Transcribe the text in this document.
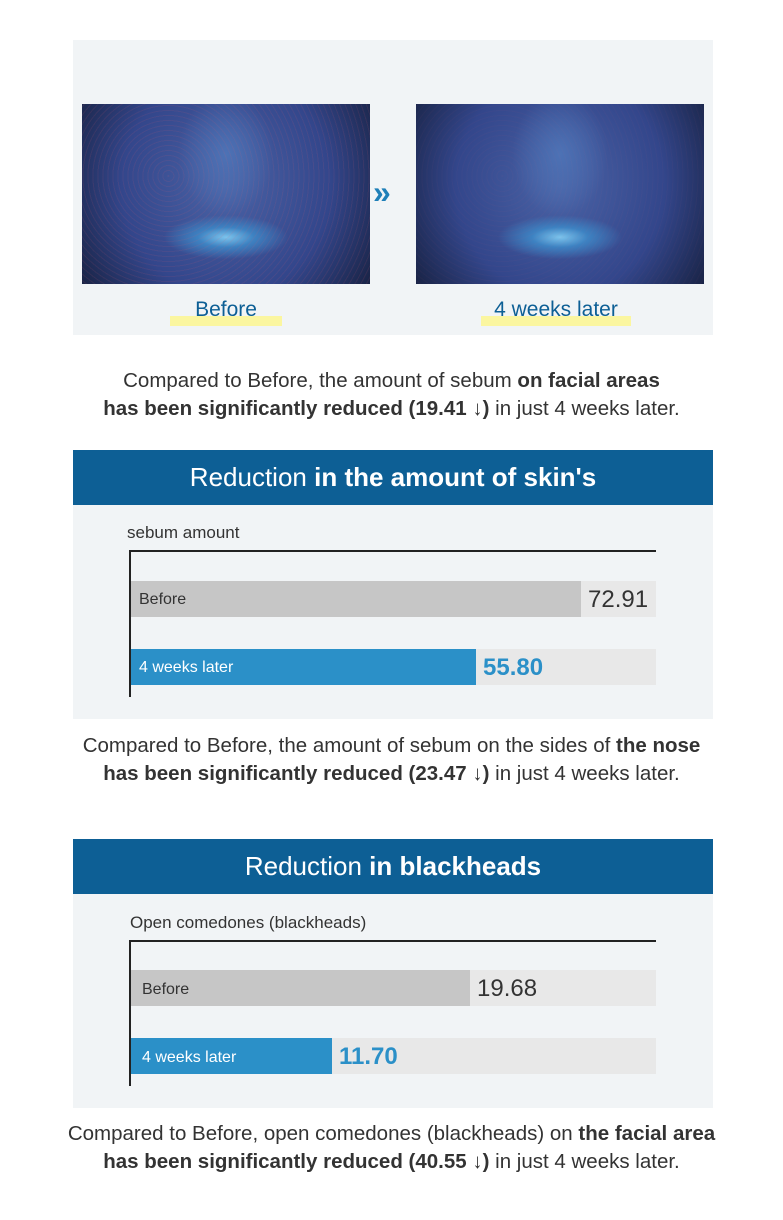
»
Before	4 weeks later
Compared to Before, the amount of sebum on facial areas
has been significantly reduced (19.41 ↓) in just 4 weeks later.
Reduction
in the amount of skin's
sebum amount
Before	72.91
4 weeks later	55.80
Compared to Before, the amount of sebum on the sides of the nose
has been significantly reduced (23.47 ↓) in just 4 weeks later.
Reduction
in blackheads
Open comedones (blackheads)
Before	19.68
4 weeks later	11.70
Compared to Before, open comedones (blackheads) on the facial area
has been significantly reduced (40.55 ↓) in just 4 weeks later.
